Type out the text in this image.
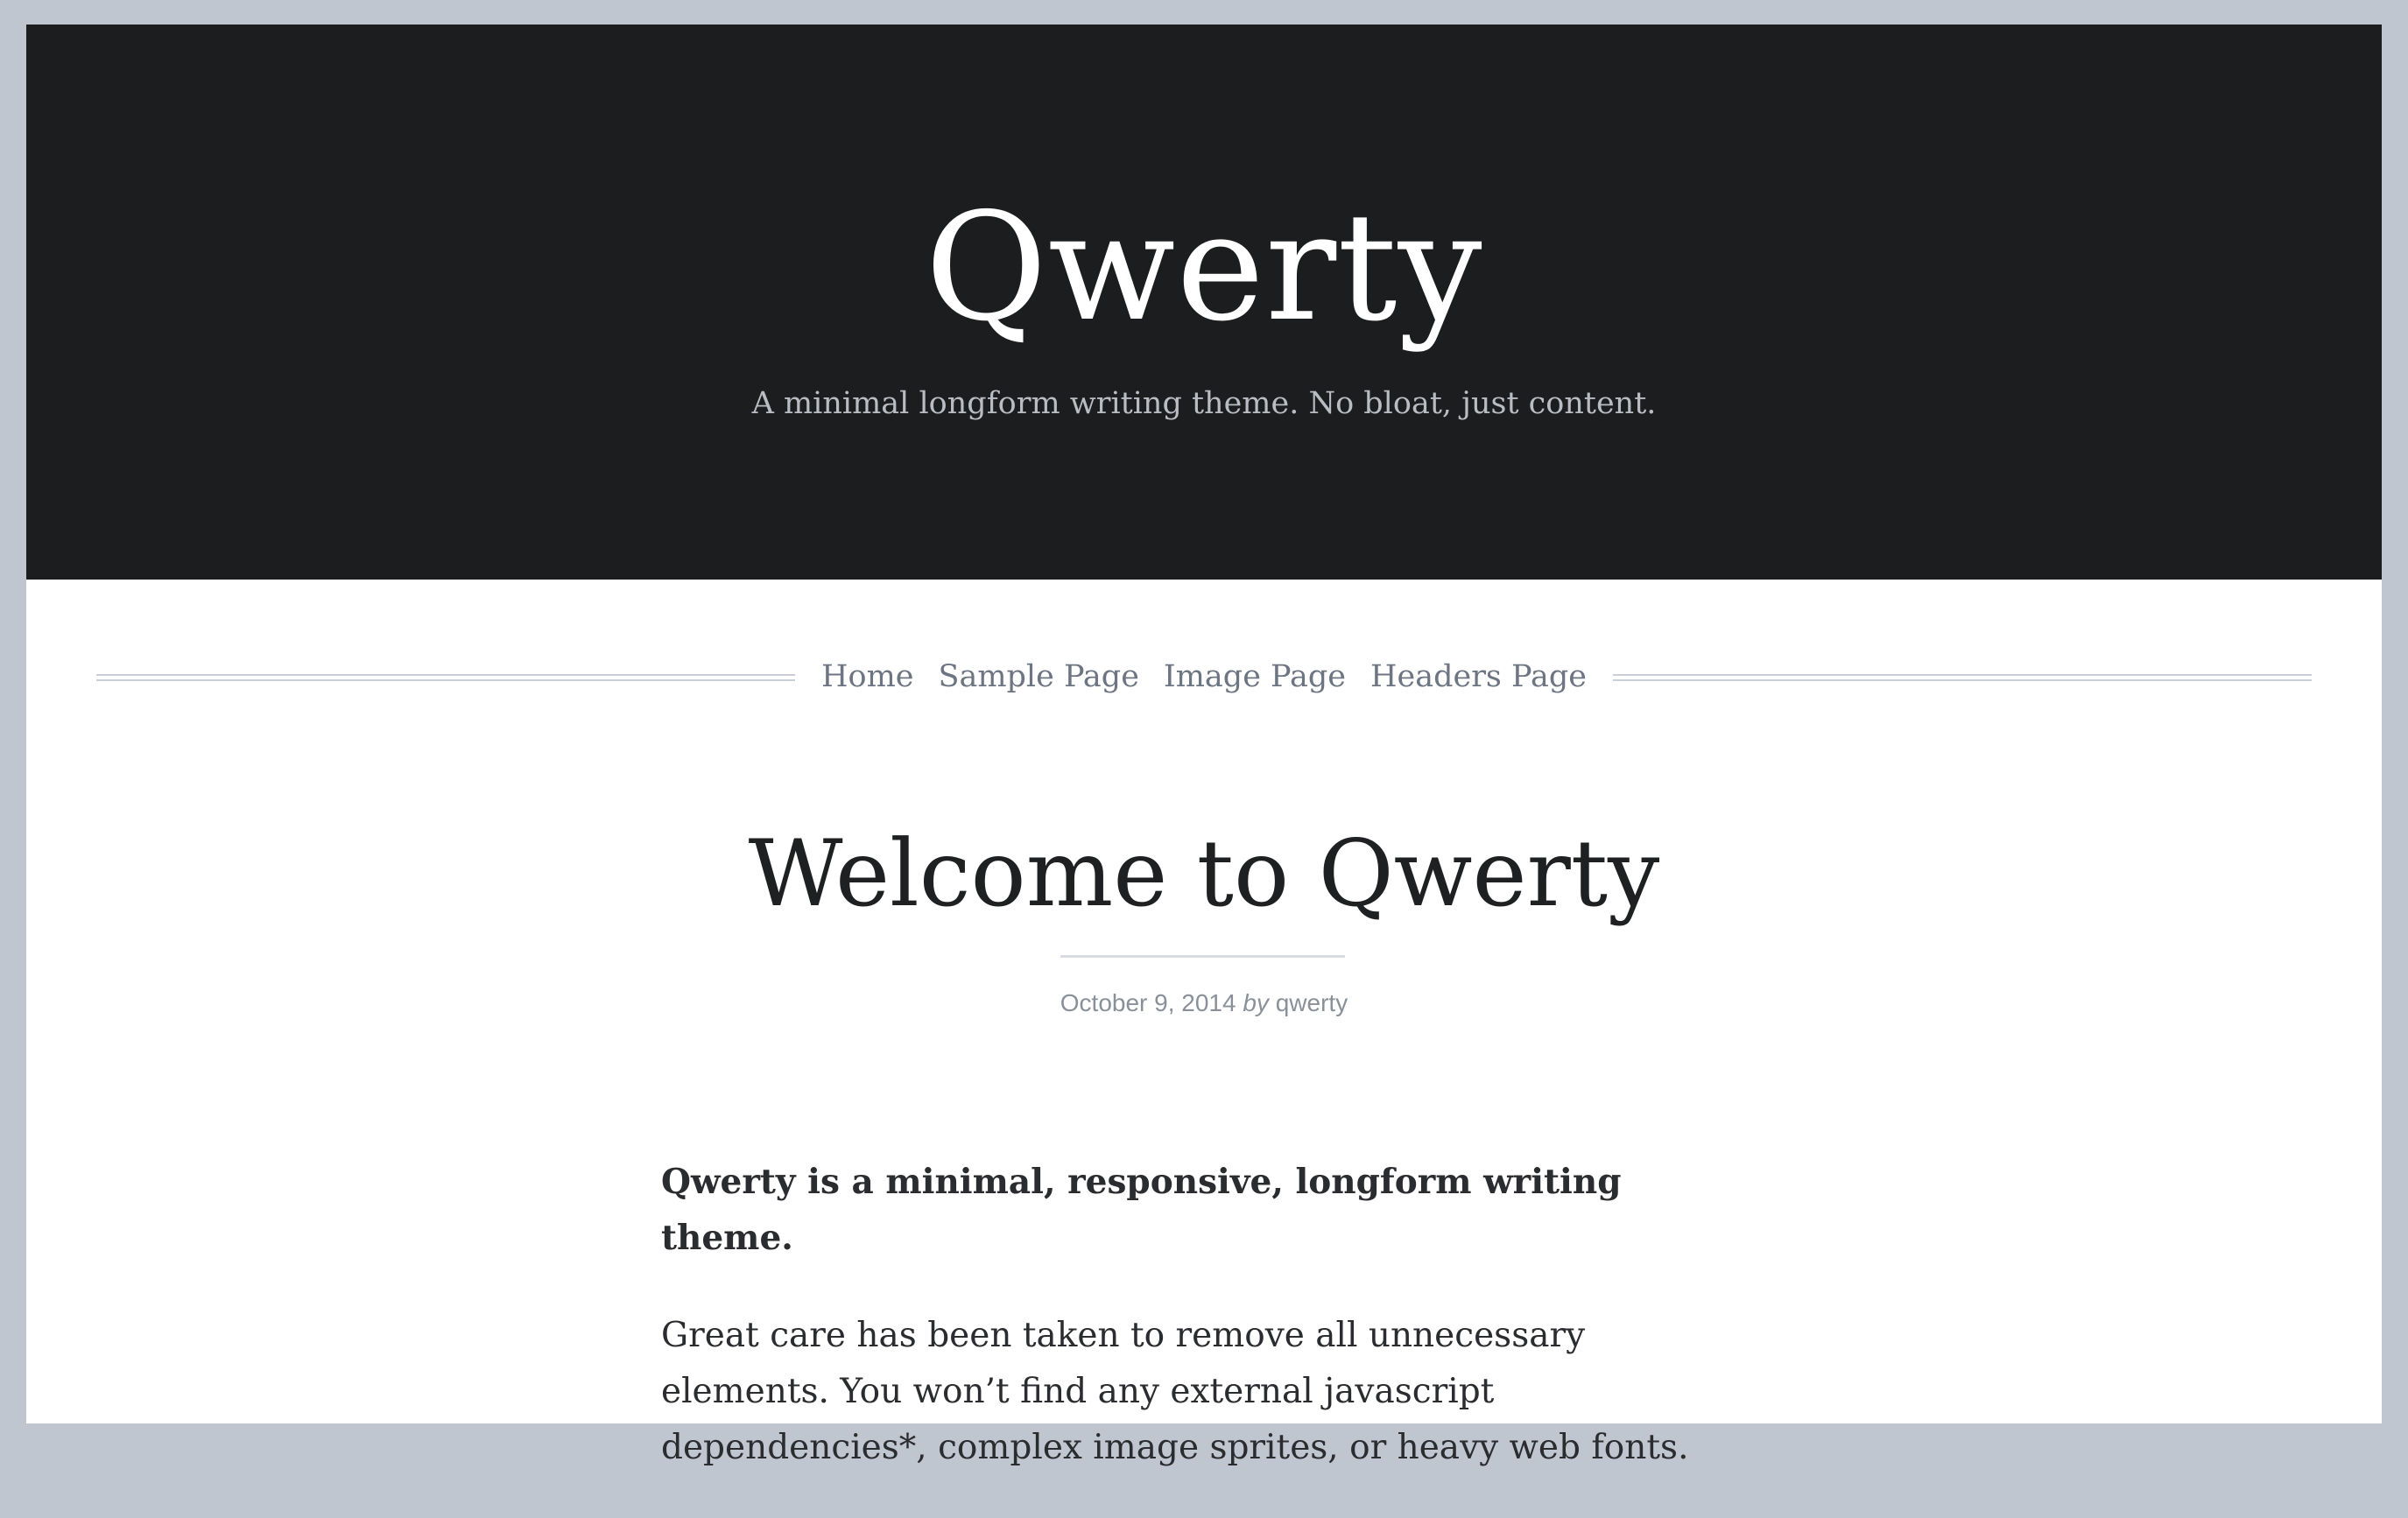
Qwerty
A minimal longform writing theme. No bloat, just content.
Home Sample Page Image Page Headers Page
Welcome to Qwerty
October 9, 2014 by qwerty

Qwerty is a minimal, responsive, longform writing theme.

Great care has been taken to remove all unnecessary elements. You won’t find any external javascript dependencies*, complex image sprites, or heavy web fonts.
